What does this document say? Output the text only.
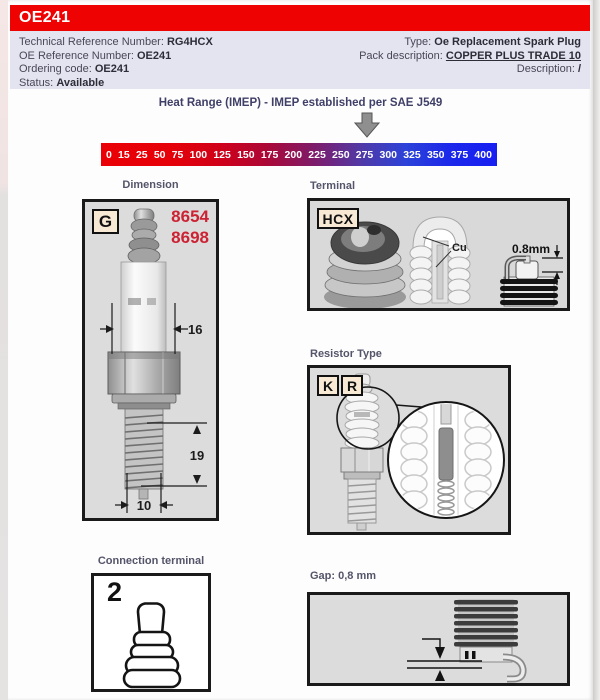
OE241
Technical Reference Number: RG4HCX
OE Reference Number: OE241
Ordering code: OE241
Status: Available
Type: Oe Replacement Spark Plug
Pack description: COPPER PLUS TRADE 10
Description: /
Heat Range (IMEP) - IMEP established per SAE J549
0 15 25 50 75 100 125 150 175 200 225 250 275 300 325 350 375 400
Dimension
16
19
10
G	8654
8698
Terminal
Cu	0.8mm
HCX
Resistor Type
K R
Connection terminal
2
Gap: 0,8 mm
